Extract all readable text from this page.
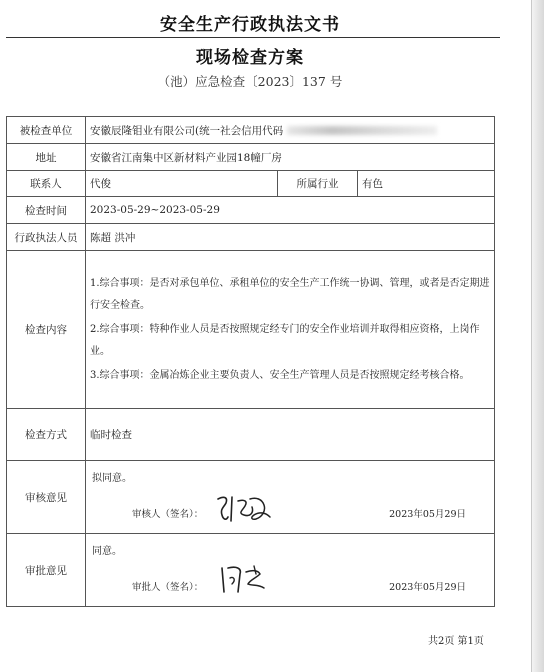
安全生产行政执法文书
现场检查方案
（池）应急检查〔2023〕137 号
被检查单位	安徽辰隆钼业有限公司(统一社会信用代码		
地址	安徽省江南集中区新材料产业园18幢厂房		
联系人	代俊	所属行业	有色
检查时间	2023-05-29~2023-05-29		
行政执法人员	陈超 洪冲		
检查内容	1.综合事项：是否对承包单位、承租单位的安全生产工作统一协调、管理，或者是否定期进行安全检查。
2.综合事项：特种作业人员是否按照规定经专门的安全作业培训并取得相应资格，上岗作业。
3.综合事项：金属冶炼企业主要负责人、安全生产管理人员是否按照规定经考核合格。		

检查方式	临时检查		
审核意见	拟同意。
审核人（签名）： 2023年05月29日		

审批意见	同意。
审批人（签名）： 2023年05月29日		
共2页 第1页
